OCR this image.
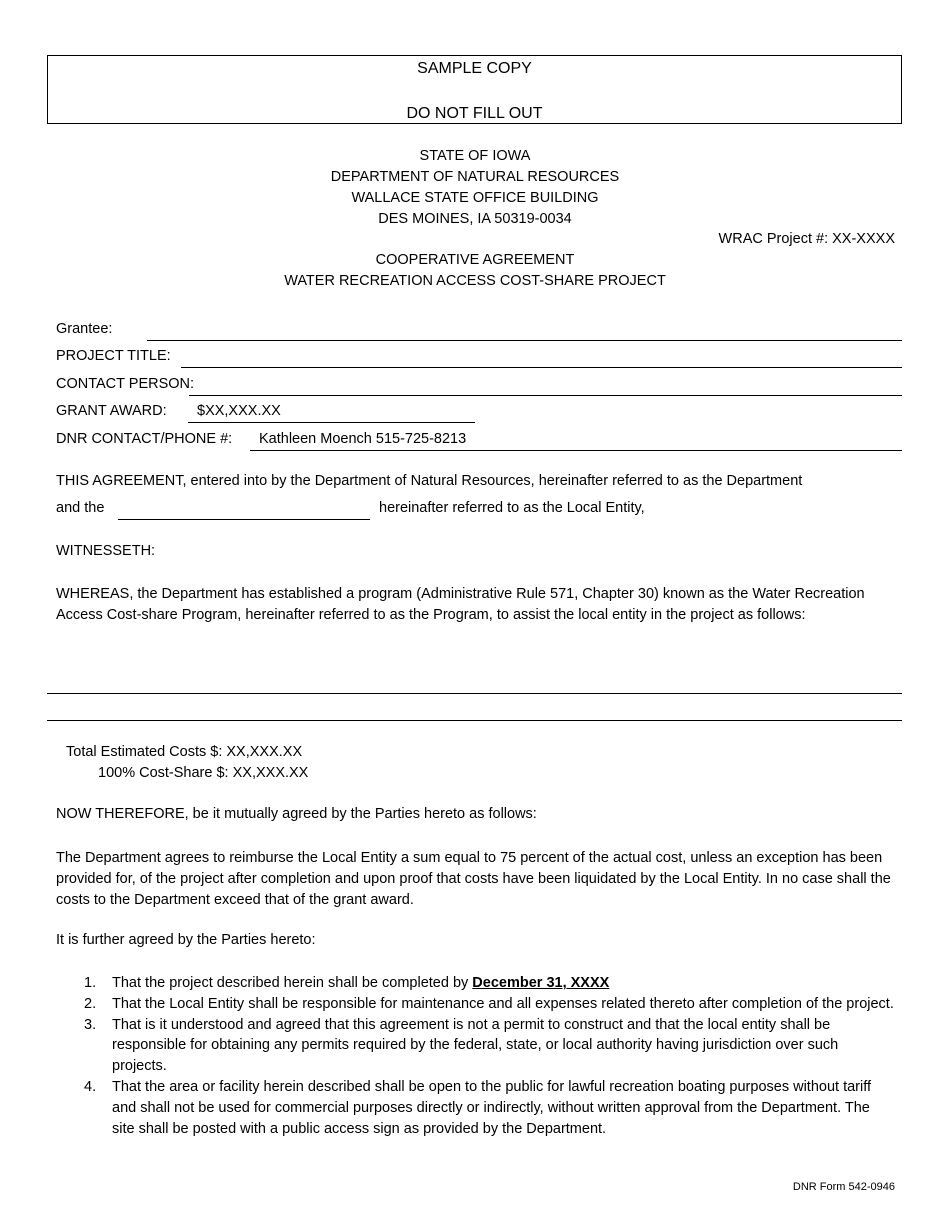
SAMPLE COPY
DO NOT FILL OUT
STATE OF IOWA
DEPARTMENT OF NATURAL RESOURCES
WALLACE STATE OFFICE BUILDING
DES MOINES, IA 50319-0034
WRAC Project #: XX-XXXX
COOPERATIVE AGREEMENT
WATER RECREATION ACCESS COST-SHARE PROJECT
Grantee:
PROJECT TITLE:
CONTACT PERSON:
GRANT AWARD: $XX,XXX.XX
DNR CONTACT/PHONE #: Kathleen Moench 515-725-8213
THIS AGREEMENT, entered into by the Department of Natural Resources, hereinafter referred to as the Department
and the	hereinafter referred to as the Local Entity,
WITNESSETH:
WHEREAS, the Department has established a program (Administrative Rule 571, Chapter 30) known as the Water Recreation Access Cost-share Program, hereinafter referred to as the Program, to assist the local entity in the project as follows:
Total Estimated Costs $: XX,XXX.XX
100% Cost-Share $: XX,XXX.XX
NOW THEREFORE, be it mutually agreed by the Parties hereto as follows:
The Department agrees to reimburse the Local Entity a sum equal to 75 percent of the actual cost, unless an exception has been provided for, of the project after completion and upon proof that costs have been liquidated by the Local Entity. In no case shall the costs to the Department exceed that of the grant award.
It is further agreed by the Parties hereto:
1. That the project described herein shall be completed by December 31, XXXX
2. That the Local Entity shall be responsible for maintenance and all expenses related thereto after completion of the project.
3. That is it understood and agreed that this agreement is not a permit to construct and that the local entity shall be responsible for obtaining any permits required by the federal, state, or local authority having jurisdiction over such projects.
4. That the area or facility herein described shall be open to the public for lawful recreation boating purposes without tariff and shall not be used for commercial purposes directly or indirectly, without written approval from the Department. The site shall be posted with a public access sign as provided by the Department.
DNR Form 542-0946
